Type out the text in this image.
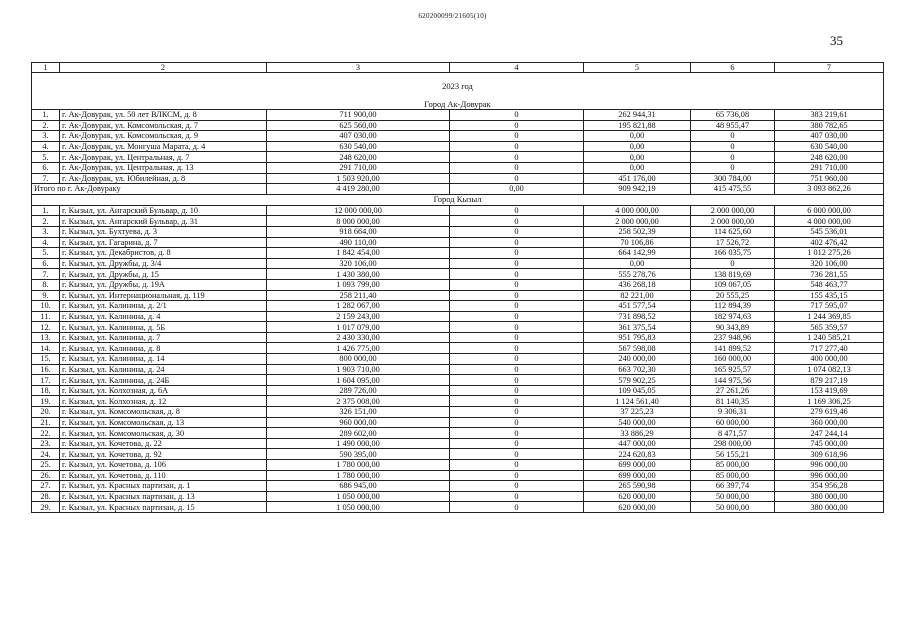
620200099/21605(10)
35
1	2	3	4	5	6	7
2023 год						
Город Ак-Довурак						
1.	г. Ак-Довурак, ул. 50 лет ВЛКСМ, д. 8	711 900,00	0	262 944,31	65 736,08	383 219,61
2.	г. Ак-Довурак, ул. Комсомольская, д. 7	625 560,00	0	195 821,88	48 955,47	380 782,65
3.	г. Ак-Довурак, ул. Комсомольская, д. 9	407 030,00	0	0,00	0	407 030,00
4.	г. Ак-Довурак, ул. Монгуша Марата, д. 4	630 540,00	0	0,00	0	630 540,00
5.	г. Ак-Довурак, ул. Центральная, д. 7	248 620,00	0	0,00	0	248 620,00
6.	г. Ак-Довурак, ул. Центральная, д. 13	291 710,00	0	0,00	0	291 710,00
7.	г. Ак-Довурак, ул. Юбилейная, д. 8	1 503 920,00	0	451 176,00	300 784,00	751 960,00
Итого по г. Ак-Довураку		4 419 280,00	0,00	909 942,19	415 475,55	3 093 862,26
Город Кызыл						
1.	г. Кызыл, ул. Ангарский Бульвар, д. 10	12 000 000,00	0	4 000 000,00	2 000 000,00	6 000 000,00
2.	г. Кызыл, ул. Ангарский Бульвар, д. 31	8 000 000,00	0	2 000 000,00	2 000 000,00	4 000 000,00
3.	г. Кызыл, ул. Бухтуева, д. 3	918 664,00	0	258 502,39	114 625,60	545 536,01
4.	г. Кызыл, ул. Гагарина, д. 7	490 110,00	0	70 106,86	17 526,72	402 476,42
5.	г. Кызыл, ул. Декабристов, д. 8	1 842 454,00	0	664 142,99	166 035,75	1 012 275,26
6.	г. Кызыл, ул. Дружбы, д. 3/4	320 106,00	0	0,00	0	320 106,00
7.	г. Кызыл, ул. Дружбы, д. 15	1 430 380,00	0	555 278,76	138 819,69	736 281,55
8.	г. Кызыл, ул. Дружбы, д. 19А	1 093 799,00	0	436 268,18	109 067,05	548 463,77
9.	г. Кызыл, ул. Интернациональная, д. 119	258 211,40	0	82 221,00	20 555,25	155 435,15
10.	г. Кызыл, ул. Калинина, д. 2/1	1 282 067,00	0	451 577,54	112 894,39	717 595,07
11.	г. Кызыл, ул. Калинина, д. 4	2 159 243,00	0	731 898,52	182 974,63	1 244 369,85
12.	г. Кызыл, ул. Калинина, д. 5Б	1 017 079,00	0	361 375,54	90 343,89	565 359,57
13.	г. Кызыл, ул. Калинина, д. 7	2 430 330,00	0	951 795,83	237 948,96	1 240 585,21
14.	г. Кызыл, ул. Калинина, д. 8	1 426 775,00	0	567 598,08	141 899,52	717 277,40
15.	г. Кызыл, ул. Калинина, д. 14	800 000,00	0	240 000,00	160 000,00	400 000,00
16.	г. Кызыл, ул. Калинина, д. 24	1 903 710,00	0	663 702,30	165 925,57	1 074 082,13
17.	г. Кызыл, ул. Калинина, д. 24Б	1 604 095,00	0	579 902,25	144 975,56	879 217,19
18.	г. Кызыл, ул. Колхозная, д. 6А	289 726,00	0	109 045,05	27 261,26	153 419,69
19.	г. Кызыл, ул. Колхозная, д. 12	2 375 008,00	0	1 124 561,40	81 140,35	1 169 306,25
20.	г. Кызыл, ул. Комсомольская, д. 8	326 151,00	0	37 225,23	9 306,31	279 619,46
21.	г. Кызыл, ул. Комсомольская, д. 13	960 000,00	0	540 000,00	60 000,00	360 000,00
22.	г. Кызыл, ул. Комсомольская, д. 30	289 602,00	0	33 886,29	8 471,57	247 244,14
23.	г. Кызыл, ул. Кочетова, д. 22	1 490 000,00	0	447 000,00	298 000,00	745 000,00
24.	г. Кызыл, ул. Кочетова, д. 92	590 395,00	0	224 620,83	56 155,21	309 618,96
25.	г. Кызыл, ул. Кочетова, д. 106	1 780 000,00	0	699 000,00	85 000,00	996 000,00
26.	г. Кызыл, ул. Кочетова, д. 110	1 780 000,00	0	699 000,00	85 000,00	996 000,00
27.	г. Кызыл, ул. Красных партизан, д. 1	686 945,00	0	265 590,98	66 397,74	354 956,28
28.	г. Кызыл, ул. Красных партизан, д. 13	1 050 000,00	0	620 000,00	50 000,00	380 000,00
29.	г. Кызыл, ул. Красных партизан, д. 15	1 050 000,00	0	620 000,00	50 000,00	380 000,00
